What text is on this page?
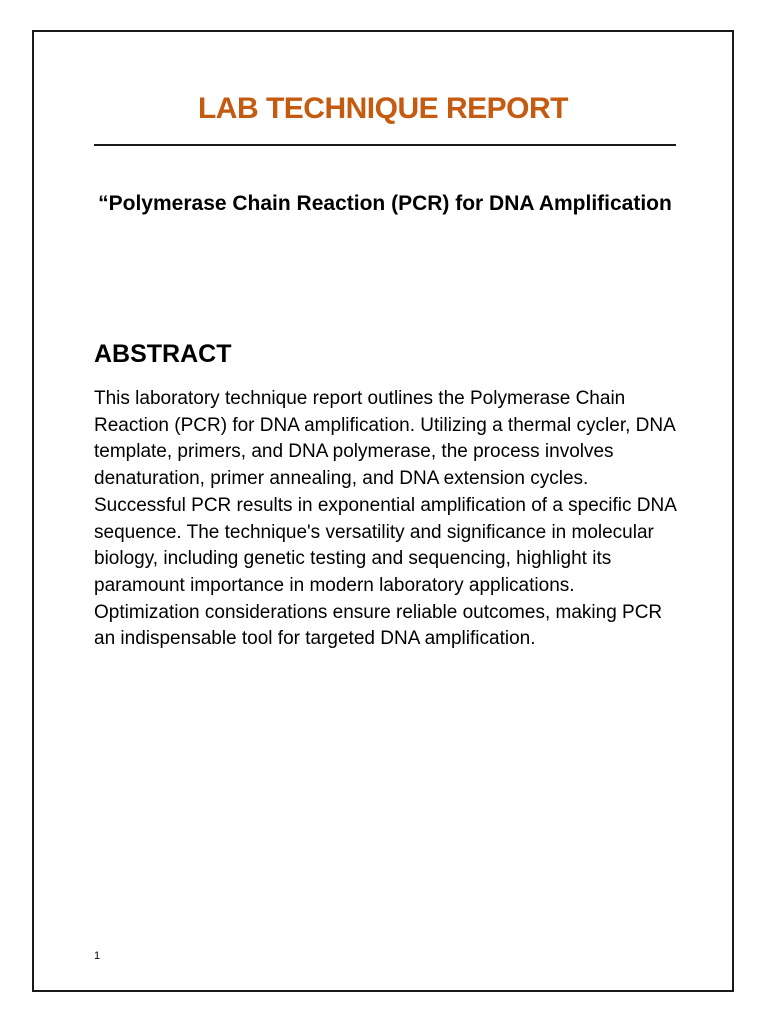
LAB TECHNIQUE REPORT

“Polymerase Chain Reaction (PCR) for DNA Amplification

ABSTRACT

This laboratory technique report outlines the Polymerase Chain Reaction (PCR) for DNA amplification. Utilizing a thermal cycler, DNA template, primers, and DNA polymerase, the process involves denaturation, primer annealing, and DNA extension cycles. Successful PCR results in exponential amplification of a specific DNA sequence. The technique's versatility and significance in molecular biology, including genetic testing and sequencing, highlight its paramount importance in modern laboratory applications. Optimization considerations ensure reliable outcomes, making PCR an indispensable tool for targeted DNA amplification.

1
